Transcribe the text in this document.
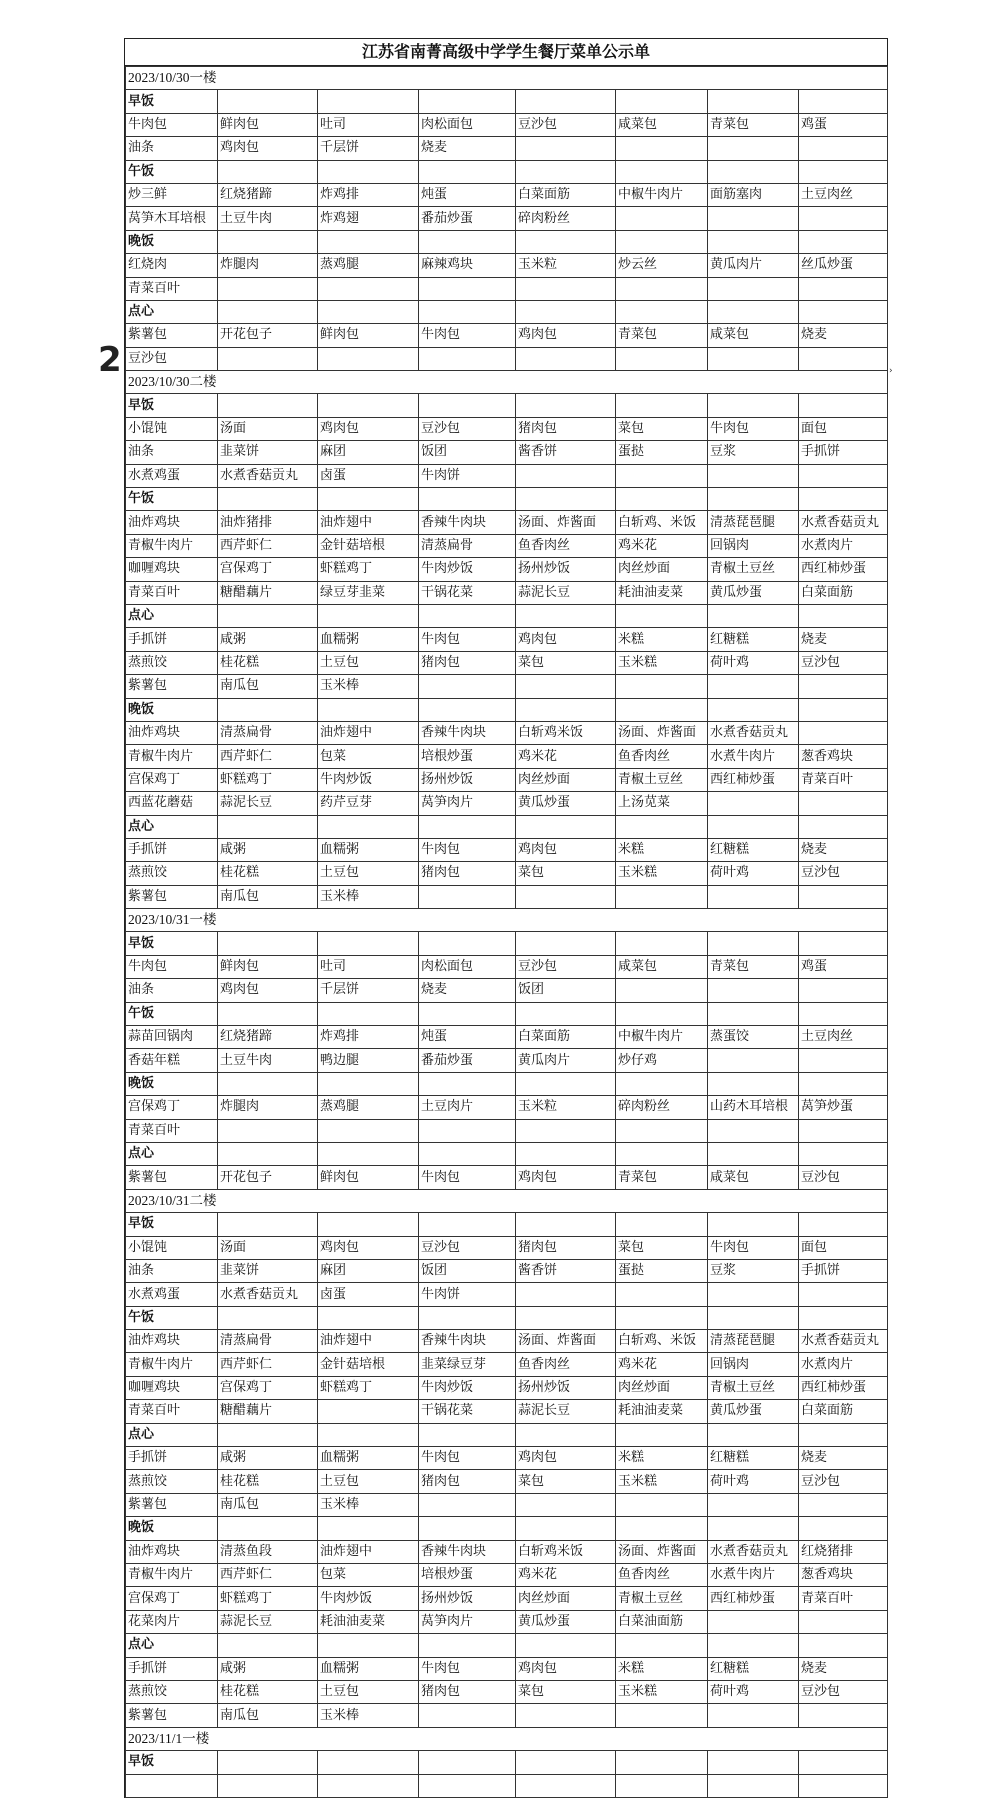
2	›
江苏省南菁高级中学学生餐厅菜单公示单
2023/10/30一楼							
早饭							
牛肉包	鲜肉包	吐司	肉松面包	豆沙包	咸菜包	青菜包	鸡蛋
油条	鸡肉包	千层饼	烧麦				
午饭							
炒三鲜	红烧猪蹄	炸鸡排	炖蛋	白菜面筋	中椒牛肉片	面筋塞肉	土豆肉丝
莴笋木耳培根	土豆牛肉	炸鸡翅	番茄炒蛋	碎肉粉丝			
晚饭							
红烧肉	炸腿肉	蒸鸡腿	麻辣鸡块	玉米粒	炒云丝	黄瓜肉片	丝瓜炒蛋
青菜百叶							
点心							
紫薯包	开花包子	鲜肉包	牛肉包	鸡肉包	青菜包	咸菜包	烧麦
豆沙包							
2023/10/30二楼							
早饭							
小馄饨	汤面	鸡肉包	豆沙包	猪肉包	菜包	牛肉包	面包
油条	韭菜饼	麻团	饭团	酱香饼	蛋挞	豆浆	手抓饼
水煮鸡蛋	水煮香菇贡丸	卤蛋	牛肉饼				
午饭							
油炸鸡块	油炸猪排	油炸翅中	香辣牛肉块	汤面、炸酱面	白斩鸡、米饭	清蒸琵琶腿	水煮香菇贡丸
青椒牛肉片	西芹虾仁	金针菇培根	清蒸扁骨	鱼香肉丝	鸡米花	回锅肉	水煮肉片
咖喱鸡块	宫保鸡丁	虾糕鸡丁	牛肉炒饭	扬州炒饭	肉丝炒面	青椒土豆丝	西红柿炒蛋
青菜百叶	糖醋藕片	绿豆芽韭菜	干锅花菜	蒜泥长豆	耗油油麦菜	黄瓜炒蛋	白菜面筋
点心							
手抓饼	咸粥	血糯粥	牛肉包	鸡肉包	米糕	红糖糕	烧麦
蒸煎饺	桂花糕	土豆包	猪肉包	菜包	玉米糕	荷叶鸡	豆沙包
紫薯包	南瓜包	玉米棒					
晚饭							
油炸鸡块	清蒸扁骨	油炸翅中	香辣牛肉块	白斩鸡米饭	汤面、炸酱面	水煮香菇贡丸	
青椒牛肉片	西芹虾仁	包菜	培根炒蛋	鸡米花	鱼香肉丝	水煮牛肉片	葱香鸡块
宫保鸡丁	虾糕鸡丁	牛肉炒饭	扬州炒饭	肉丝炒面	青椒土豆丝	西红柿炒蛋	青菜百叶
西蓝花蘑菇	蒜泥长豆	药芹豆芽	莴笋肉片	黄瓜炒蛋	上汤苋菜		
点心							
手抓饼	咸粥	血糯粥	牛肉包	鸡肉包	米糕	红糖糕	烧麦
蒸煎饺	桂花糕	土豆包	猪肉包	菜包	玉米糕	荷叶鸡	豆沙包
紫薯包	南瓜包	玉米棒					
2023/10/31一楼							
早饭							
牛肉包	鲜肉包	吐司	肉松面包	豆沙包	咸菜包	青菜包	鸡蛋
油条	鸡肉包	千层饼	烧麦	饭团			
午饭							
蒜苗回锅肉	红烧猪蹄	炸鸡排	炖蛋	白菜面筋	中椒牛肉片	蒸蛋饺	土豆肉丝
香菇年糕	土豆牛肉	鸭边腿	番茄炒蛋	黄瓜肉片	炒仔鸡		
晚饭							
宫保鸡丁	炸腿肉	蒸鸡腿	土豆肉片	玉米粒	碎肉粉丝	山药木耳培根	莴笋炒蛋
青菜百叶							
点心							
紫薯包	开花包子	鲜肉包	牛肉包	鸡肉包	青菜包	咸菜包	豆沙包
2023/10/31二楼							
早饭							
小馄饨	汤面	鸡肉包	豆沙包	猪肉包	菜包	牛肉包	面包
油条	韭菜饼	麻团	饭团	酱香饼	蛋挞	豆浆	手抓饼
水煮鸡蛋	水煮香菇贡丸	卤蛋	牛肉饼				
午饭							
油炸鸡块	清蒸扁骨	油炸翅中	香辣牛肉块	汤面、炸酱面	白斩鸡、米饭	清蒸琵琶腿	水煮香菇贡丸
青椒牛肉片	西芹虾仁	金针菇培根	韭菜绿豆芽	鱼香肉丝	鸡米花	回锅肉	水煮肉片
咖喱鸡块	宫保鸡丁	虾糕鸡丁	牛肉炒饭	扬州炒饭	肉丝炒面	青椒土豆丝	西红柿炒蛋
青菜百叶	糖醋藕片		干锅花菜	蒜泥长豆	耗油油麦菜	黄瓜炒蛋	白菜面筋
点心							
手抓饼	咸粥	血糯粥	牛肉包	鸡肉包	米糕	红糖糕	烧麦
蒸煎饺	桂花糕	土豆包	猪肉包	菜包	玉米糕	荷叶鸡	豆沙包
紫薯包	南瓜包	玉米棒					
晚饭							
油炸鸡块	清蒸鱼段	油炸翅中	香辣牛肉块	白斩鸡米饭	汤面、炸酱面	水煮香菇贡丸	红烧猪排
青椒牛肉片	西芹虾仁	包菜	培根炒蛋	鸡米花	鱼香肉丝	水煮牛肉片	葱香鸡块
宫保鸡丁	虾糕鸡丁	牛肉炒饭	扬州炒饭	肉丝炒面	青椒土豆丝	西红柿炒蛋	青菜百叶
花菜肉片	蒜泥长豆	耗油油麦菜	莴笋肉片	黄瓜炒蛋	白菜油面筋		
点心							
手抓饼	咸粥	血糯粥	牛肉包	鸡肉包	米糕	红糖糕	烧麦
蒸煎饺	桂花糕	土豆包	猪肉包	菜包	玉米糕	荷叶鸡	豆沙包
紫薯包	南瓜包	玉米棒					
2023/11/1一楼							
早饭							
